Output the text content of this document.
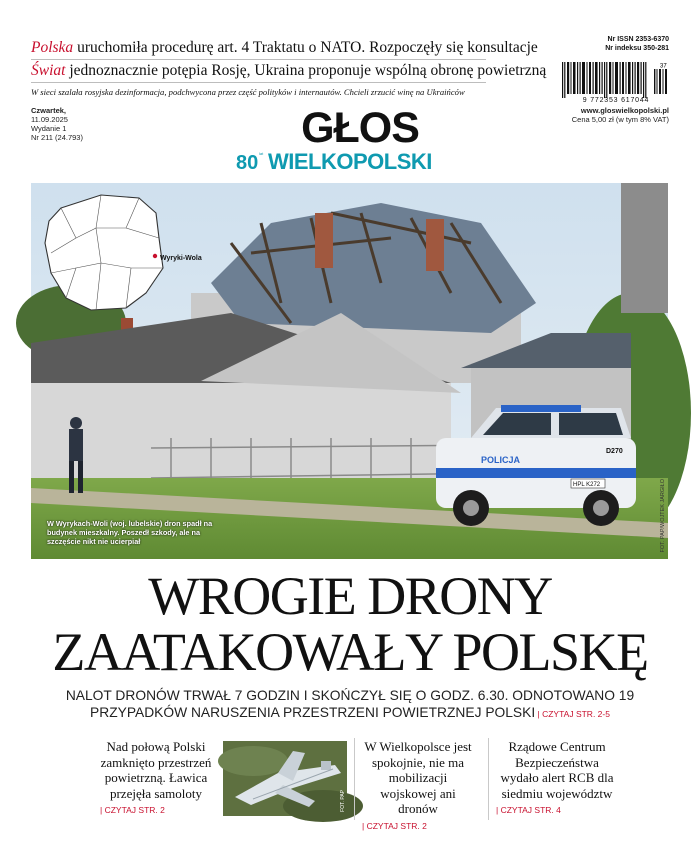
Polska uruchomiła procedurę art. 4 Traktatu o NATO. Rozpoczęły się konsultacje
Świat jednoznacznie potępia Rosję, Ukraina proponuje wspólną obronę powietrzną
W sieci szalała rosyjska dezinformacja, podchwycona przez część polityków i internautów. Chcieli zrzucić winę na Ukraińców
Nr ISSN 2353-6370
Nr indeksu 350-281
37
9 772353 617044
Czwartek,
11.09.2025
Wydanie 1
Nr 211 (24.793)	GŁOS
80 lat WIELKOPOLSKI
www.gloswielkopolski.pl
Cena 5,00 zł (w tym 8% VAT)
POLICJA
D270
HPL K272
Wyryki-Wola
W Wyrykach-Woli (woj. lubelskie) dron spadł na budynek mieszkalny. Poszedł szkody, ale na szczęście nikt nie ucierpiał	FOT. PAP/WOJTEK JARGIŁO
WROGIE DRONY
ZAATAKOWAŁY POLSKĘ
NALOT DRONÓW TRWAŁ 7 GODZIN I SKOŃCZYŁ SIĘ O GODZ. 6.30. ODNOTOWANO 19 PRZYPADKÓW NARUSZENIA PRZESTRZENI POWIETRZNEJ POLSKI | CZYTAJ STR. 2-5
Nad połową Polski zamknięto przestrzeń powietrzną. Ławica przejęła samoloty
| CZYTAJ STR. 2	FOT. PAP
W Wielkopolsce jest spokojnie, nie ma mobilizacji wojskowej ani dronów
| CZYTAJ STR. 2
Rządowe Centrum Bezpieczeństwa wydało alert RCB dla siedmiu województw
| CZYTAJ STR. 4
